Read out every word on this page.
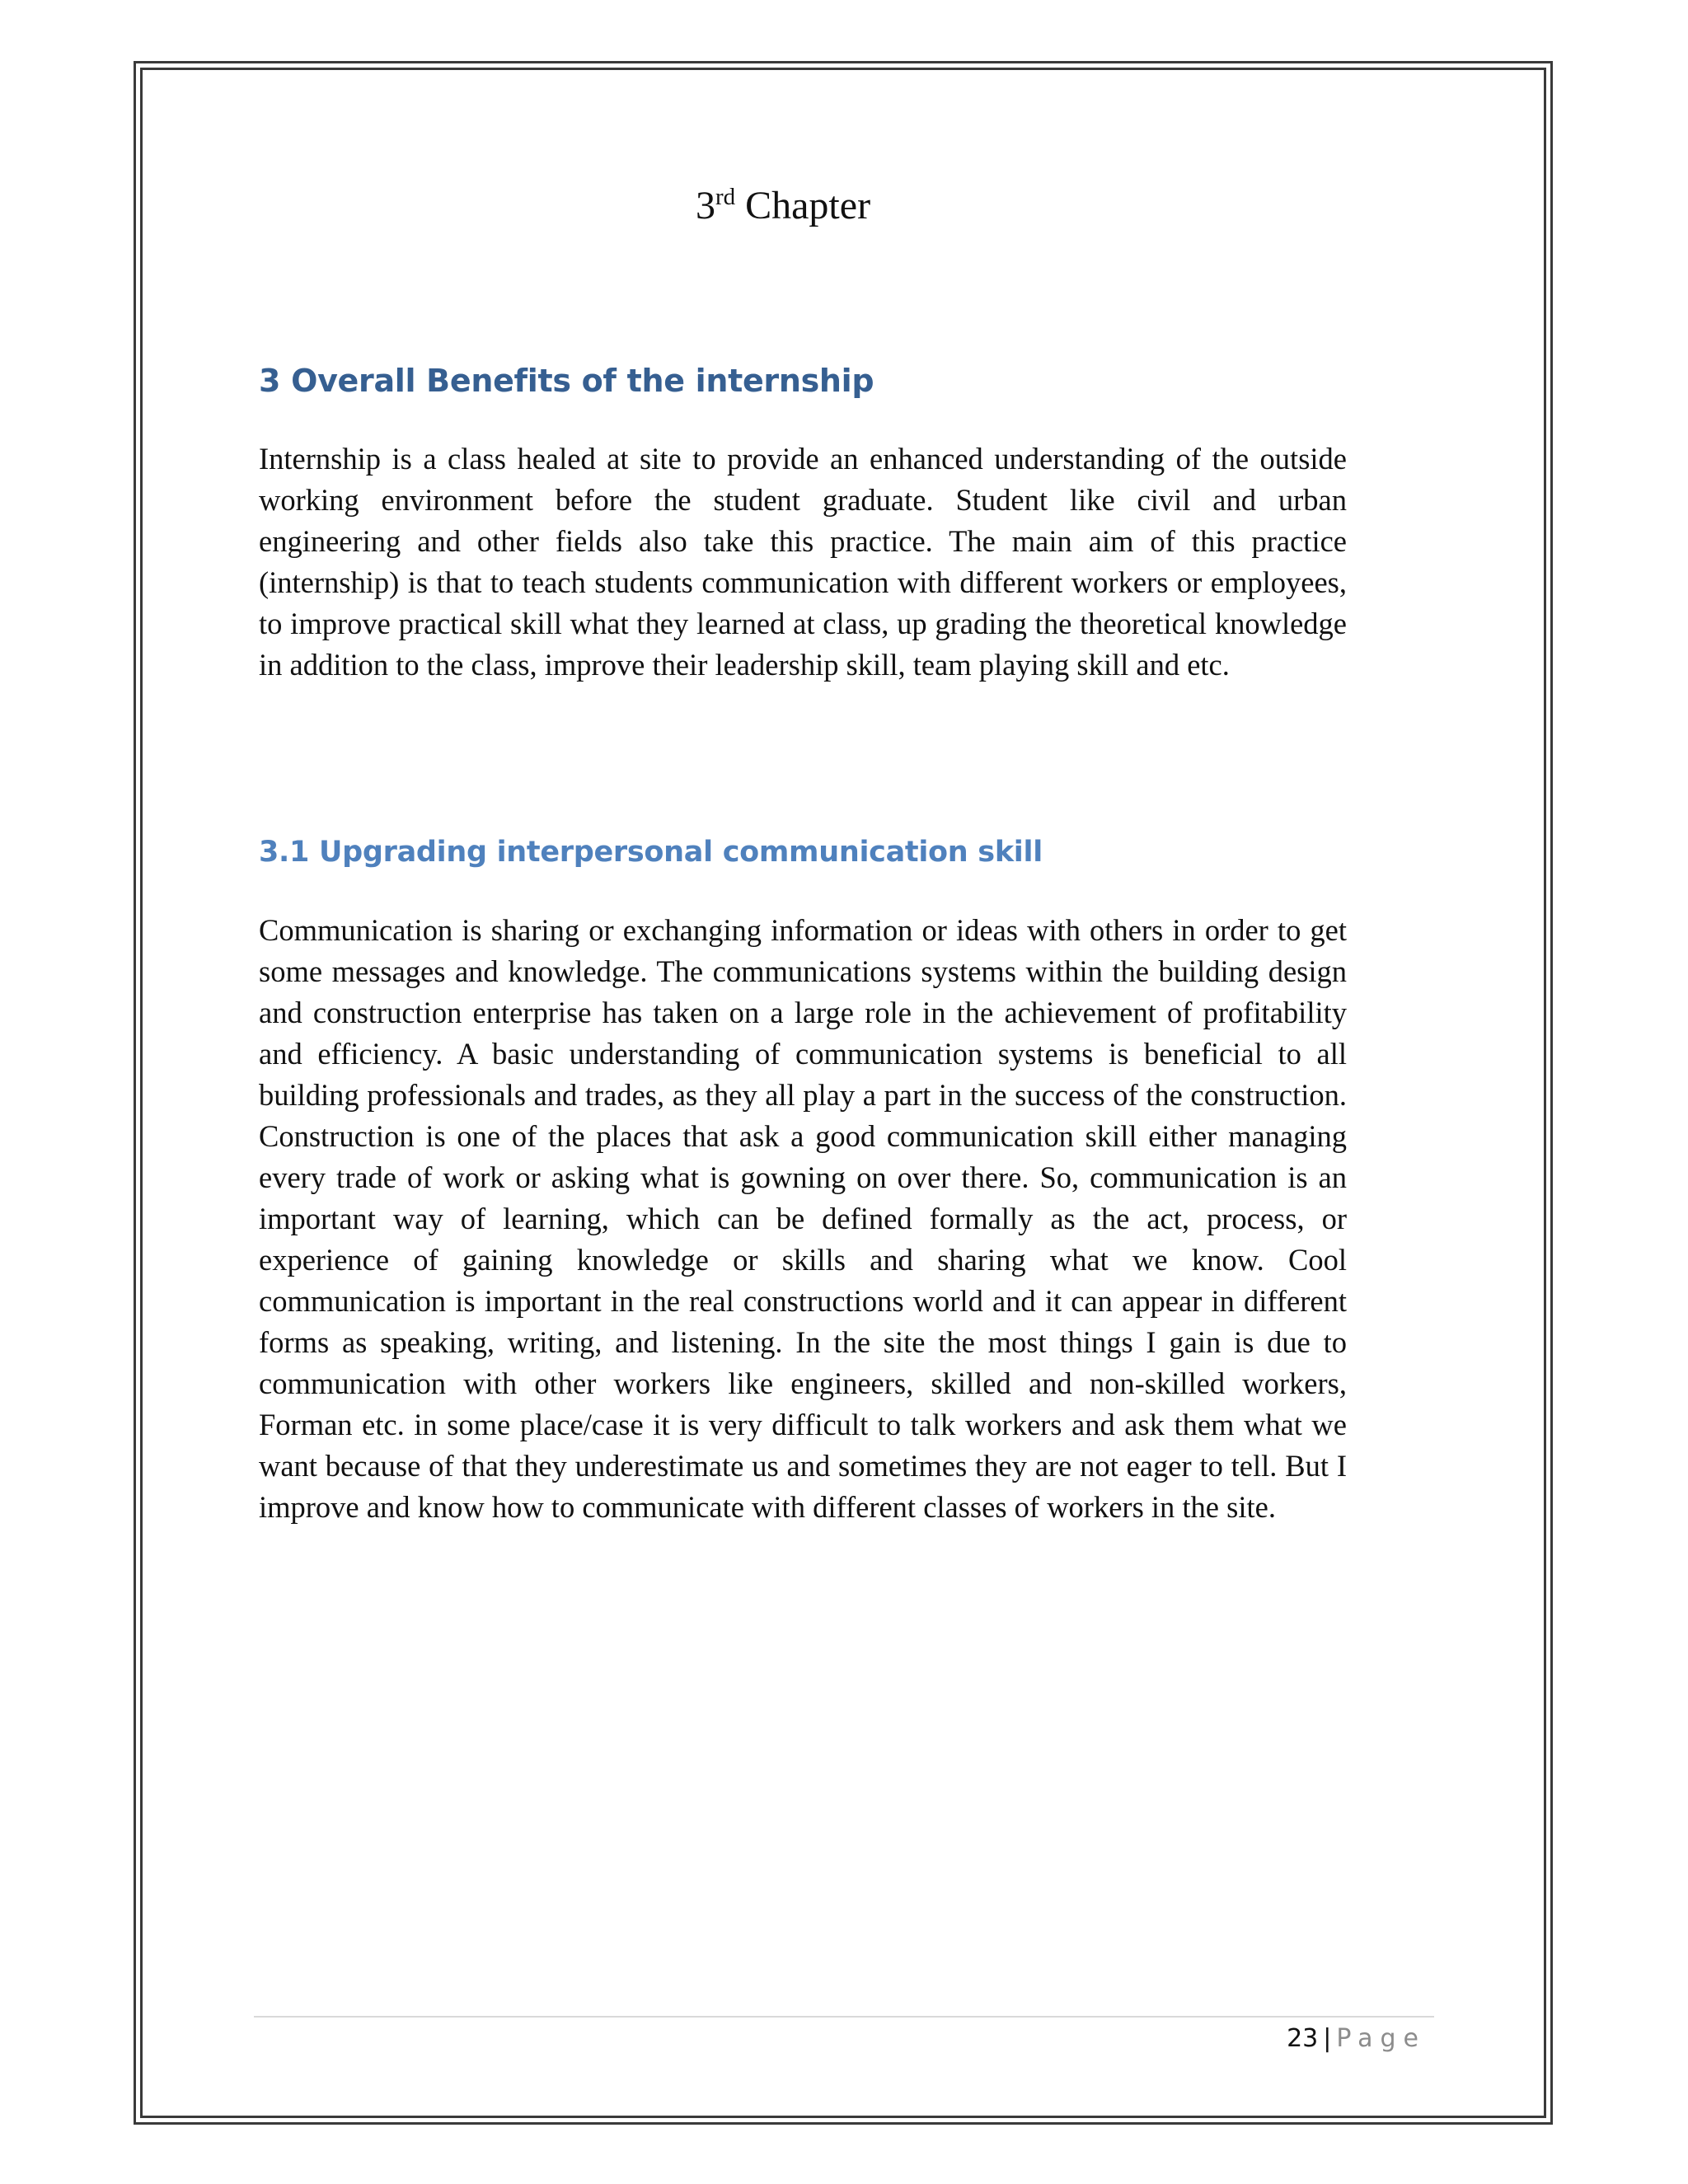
3rd Chapter
3 Overall Benefits of the internship

Internship is a class healed at site to provide an enhanced understanding of the outside working environment before the student graduate. Student like civil and urban engineering and other fields also take this practice. The main aim of this practice (internship) is that to teach students communication with different workers or employees, to improve practical skill what they learned at class, up grading the theoretical knowledge in addition to the class, improve their leadership skill, team playing skill and etc.

3.1 Upgrading interpersonal communication skill

Communication is sharing or exchanging information or ideas with others in order to get some messages and knowledge. The communications systems within the building design and construction enterprise has taken on a large role in the achievement of profitability and efficiency. A basic understanding of communication systems is beneficial to all building professionals and trades, as they all play a part in the success of the construction. Construction is one of the places that ask a good communication skill either managing every trade of work or asking what is gowning on over there. So, communication is an important way of learning, which can be defined formally as the act, process, or experience of gaining knowledge or skills and sharing what we know. Cool communication is important in the real constructions world and it can appear in different forms as speaking, writing, and listening. In the site the most things I gain is due to communication with other workers like engineers, skilled and non-skilled workers, Forman etc. in some place/case it is very difficult to talk workers and ask them what we want because of that they underestimate us and sometimes they are not eager to tell. But I improve and know how to communicate with different classes of workers in the site.

23 | Page
